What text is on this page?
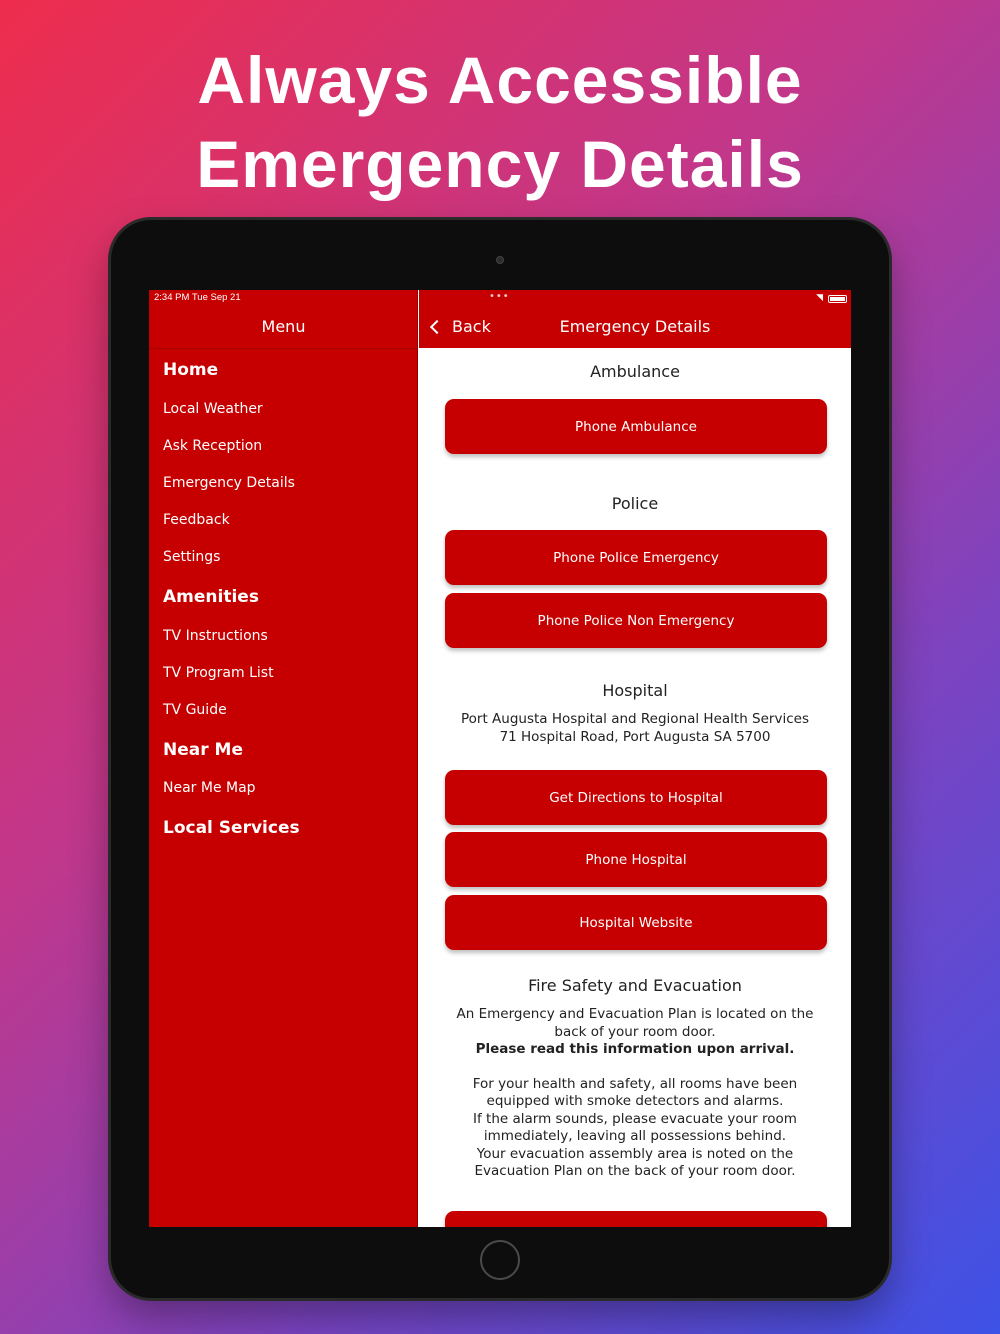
Always Accessible
Emergency Details
2:34 PM Tue Sep 21
Menu
Home
Local Weather
Ask Reception
Emergency Details
Feedback
Settings
Amenities
TV Instructions
TV Program List
TV Guide
Near Me
Near Me Map
Local Services
•••	◥
Back	Emergency Details
Ambulance
Phone Ambulance
Police
Phone Police Emergency
Phone Police Non Emergency
Hospital
Port Augusta Hospital and Regional Health Services
71 Hospital Road, Port Augusta SA 5700
Get Directions to Hospital
Phone Hospital
Hospital Website
Fire Safety and Evacuation
An Emergency and Evacuation Plan is located on the
back of your room door.
Please read this information upon arrival.
For your health and safety, all rooms have been
equipped with smoke detectors and alarms.
If the alarm sounds, please evacuate your room
immediately, leaving all possessions behind.
Your evacuation assembly area is noted on the
Evacuation Plan on the back of your room door.
